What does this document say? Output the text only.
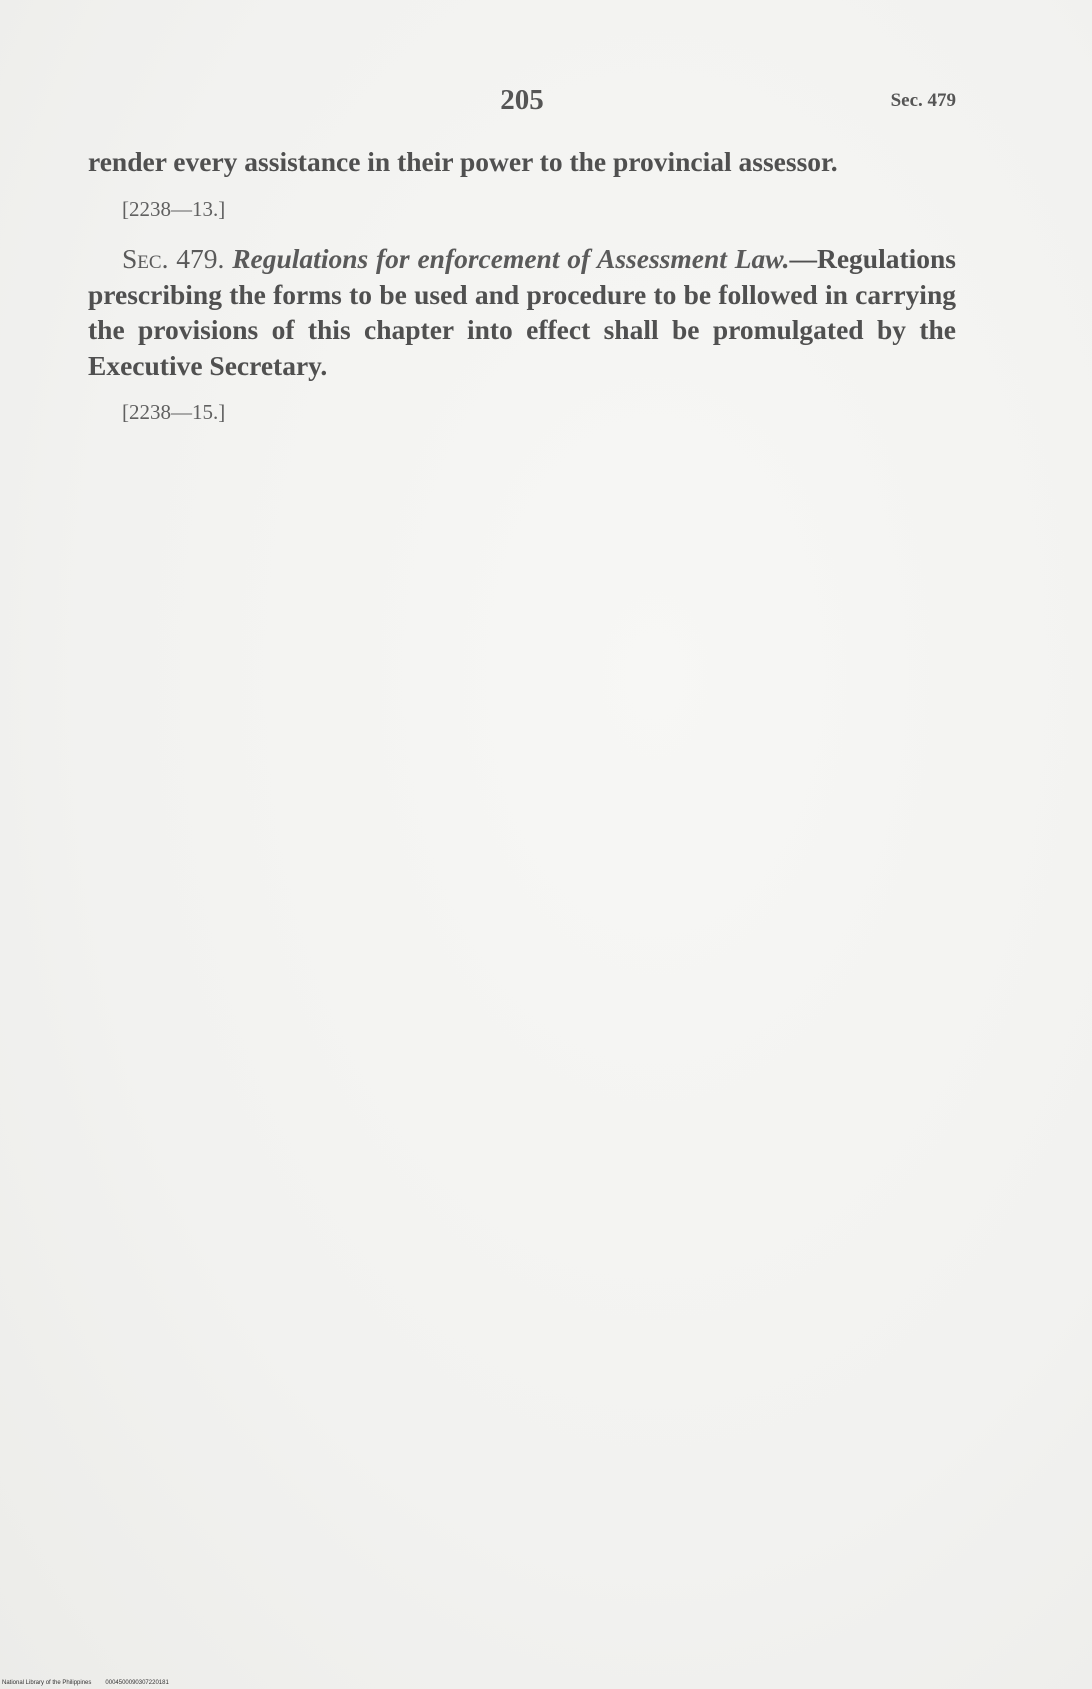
205	Sec. 479

render every assistance in their power to the provincial assessor.

[2238—13.]

Sec. 479. Regulations for enforcement of Assessment Law.—Regulations prescribing the forms to be used and procedure to be followed in carrying the provisions of this chapter into effect shall be promulgated by the Executive Secretary.

[2238—15.]
National Library of the Philippines 0004500090307220181
